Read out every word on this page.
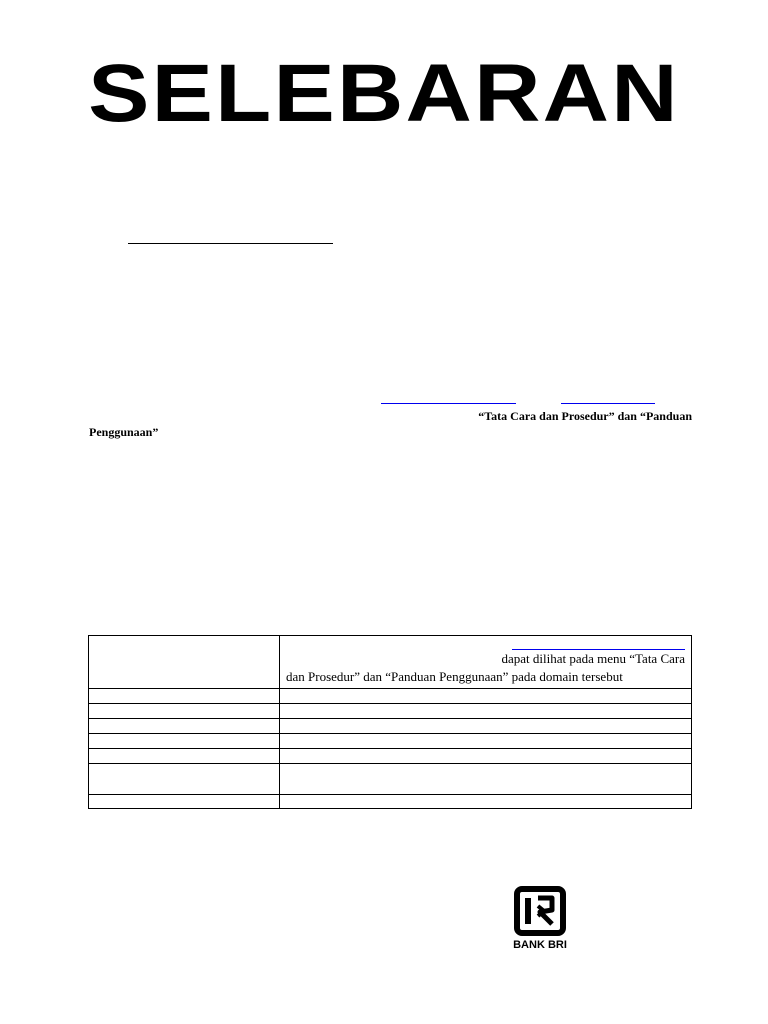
SELEBARAN
“Tata Cara dan Prosedur” dan “Panduan
Penggunaan”

	dapat dilihat pada menu “Tata Cara
dan Prosedur” dan “Panduan Penggunaan” pada domain tersebut

BANK BRI
